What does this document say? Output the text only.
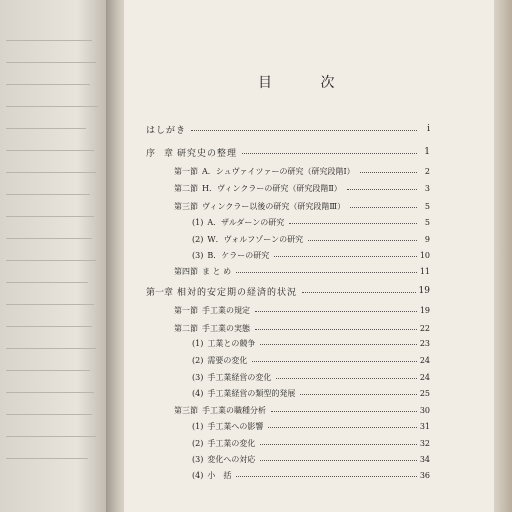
目 次
はしがき	i
序　章 研究史の整理	1
第一節 A．シュヴァイツァーの研究（研究段階Ⅰ）	2
第二節 H．ヴィンクラーの研究（研究段階Ⅱ）	3
第三節 ヴィンクラー以後の研究（研究段階Ⅲ）	5
(1) A．ザルダーンの研究	5
(2) W．ヴォルフゾーンの研究	9
(3) B．ケラーの研究	10
第四節 ま と め	11
第一章 相対的安定期の経済的状況	19
第一節 手工業の規定	19
第二節 手工業の実態	22
(1) 工業との競争	23
(2) 需要の変化	24
(3) 手工業経営の変化	24
(4) 手工業経営の類型的発展	25
第三節 手工業の職種分析	30
(1) 手工業への影響	31
(2) 手工業の変化	32
(3) 変化への対応	34
(4) 小　括	36
